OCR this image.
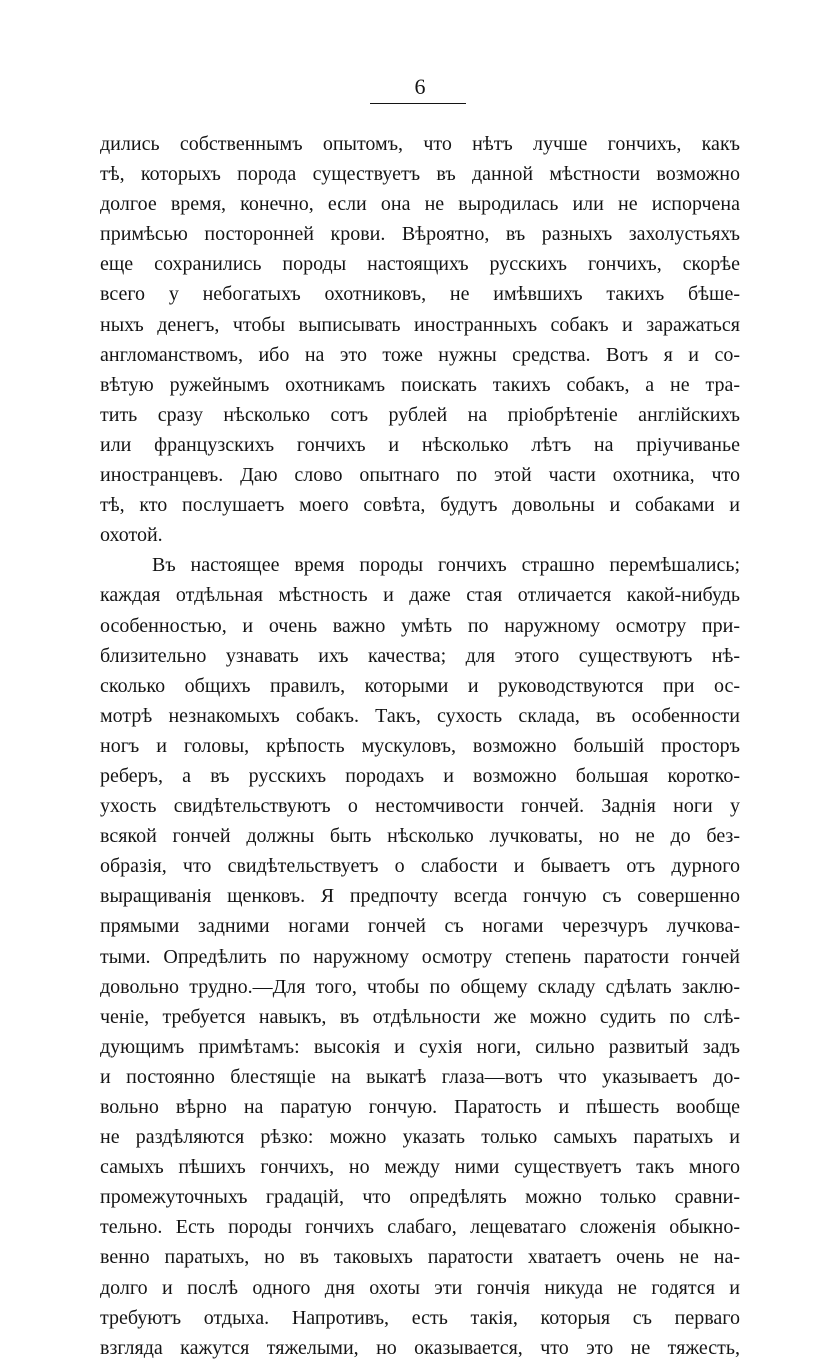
6
дились собственнымъ опытомъ, что нѣтъ лучше гончихъ, какъ
тѣ, которыхъ порода существуетъ въ данной мѣстности возможно
долгое время, конечно, если она не выродилась или не испорчена
примѣсью посторонней крови. Вѣроятно, въ разныхъ захолустьяхъ
еще сохранились породы настоящихъ русскихъ гончихъ, скорѣе
всего у небогатыхъ охотниковъ, не имѣвшихъ такихъ бѣше-
ныхъ денегъ, чтобы выписывать иностранныхъ собакъ и заражаться
англоманствомъ, ибо на это тоже нужны средства. Вотъ я и со-
вѣтую ружейнымъ охотникамъ поискать такихъ собакъ, а не тра-
тить сразу нѣсколько сотъ рублей на пріобрѣтеніе англійскихъ
или французскихъ гончихъ и нѣсколько лѣтъ на пріучиванье
иностранцевъ. Даю слово опытнаго по этой части охотника, что
тѣ, кто послушаетъ моего совѣта, будутъ довольны и собаками и
охотой.
Въ настоящее время породы гончихъ страшно перемѣшались;
каждая отдѣльная мѣстность и даже стая отличается какой-нибудь
особенностью, и очень важно умѣть по наружному осмотру при-
близительно узнавать ихъ качества; для этого существуютъ нѣ-
сколько общихъ правилъ, которыми и руководствуются при ос-
мотрѣ незнакомыхъ собакъ. Такъ, сухость склада, въ особенности
ногъ и головы, крѣпость мускуловъ, возможно большій просторъ
реберъ, а въ русскихъ породахъ и возможно большая коротко-
ухость свидѣтельствуютъ о нестомчивости гончей. Заднія ноги у
всякой гончей должны быть нѣсколько лучковаты, но не до без-
образія, что свидѣтельствуетъ о слабости и бываетъ отъ дурного
выращиванія щенковъ. Я предпочту всегда гончую съ совершенно
прямыми задними ногами гончей съ ногами черезчуръ лучкова-
тыми. Опредѣлить по наружному осмотру степень паратости гончей
довольно трудно.—Для того, чтобы по общему складу сдѣлать заклю-
ченіе, требуется навыкъ, въ отдѣльности же можно судить по слѣ-
дующимъ примѣтамъ: высокія и сухія ноги, сильно развитый задъ
и постоянно блестящіе на выкатѣ глаза—вотъ что указываетъ до-
вольно вѣрно на паратую гончую. Паратость и пѣшесть вообще
не раздѣляются рѣзко: можно указать только самыхъ паратыхъ и
самыхъ пѣшихъ гончихъ, но между ними существуетъ такъ много
промежуточныхъ градацій, что опредѣлять можно только сравни-
тельно. Есть породы гончихъ слабаго, лещеватаго сложенія обыкно-
венно паратыхъ, но въ таковыхъ паратости хватаетъ очень не на-
долго и послѣ одного дня охоты эти гончія никуда не годятся и
требуютъ отдыха. Напротивъ, есть такія, которыя съ перваго
взгляда кажутся тяжелыми, но оказывается, что это не тяжесть,
